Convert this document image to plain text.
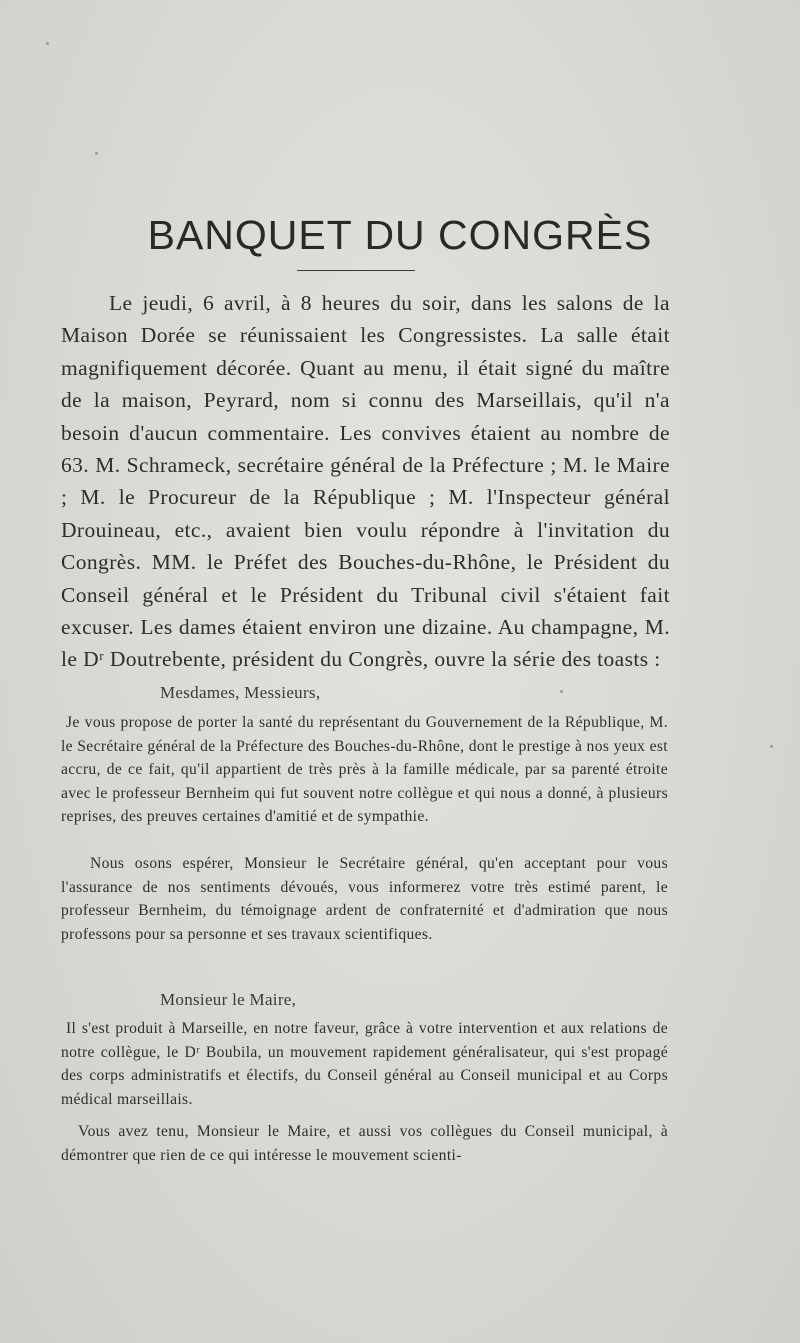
BANQUET DU CONGRÈS

Le jeudi, 6 avril, à 8 heures du soir, dans les salons de la Maison Dorée se réunissaient les Congressistes. La salle était magnifiquement décorée. Quant au menu, il était signé du maître de la maison, Peyrard, nom si connu des Marseillais, qu'il n'a besoin d'aucun commentaire. Les convives étaient au nombre de 63. M. Schrameck, secrétaire général de la Préfecture ; M. le Maire ; M. le Procureur de la République ; M. l'Inspecteur général Drouineau, etc., avaient bien voulu répondre à l'invitation du Congrès. MM. le Préfet des Bouches-du-Rhône, le Président du Conseil général et le Président du Tribunal civil s'étaient fait excuser. Les dames étaient environ une dizaine. Au champagne, M. le Dʳ Doutrebente, président du Congrès, ouvre la série des toasts :

Mesdames, Messieurs,

Je vous propose de porter la santé du représentant du Gouvernement de la République, M. le Secrétaire général de la Préfecture des Bouches-du-Rhône, dont le prestige à nos yeux est accru, de ce fait, qu'il appartient de très près à la famille médicale, par sa parenté étroite avec le professeur Bernheim qui fut souvent notre collègue et qui nous a donné, à plusieurs reprises, des preuves certaines d'amitié et de sympathie.

Nous osons espérer, Monsieur le Secrétaire général, qu'en acceptant pour vous l'assurance de nos sentiments dévoués, vous informerez votre très estimé parent, le professeur Bernheim, du témoignage ardent de confraternité et d'admiration que nous professons pour sa personne et ses travaux scientifiques.

Monsieur le Maire,

Il s'est produit à Marseille, en notre faveur, grâce à votre intervention et aux relations de notre collègue, le Dʳ Boubila, un mouvement rapidement généralisateur, qui s'est propagé des corps administratifs et électifs, du Conseil général au Conseil municipal et au Corps médical marseillais.

Vous avez tenu, Monsieur le Maire, et aussi vos collègues du Conseil municipal, à démontrer que rien de ce qui intéresse le mouvement scienti-
